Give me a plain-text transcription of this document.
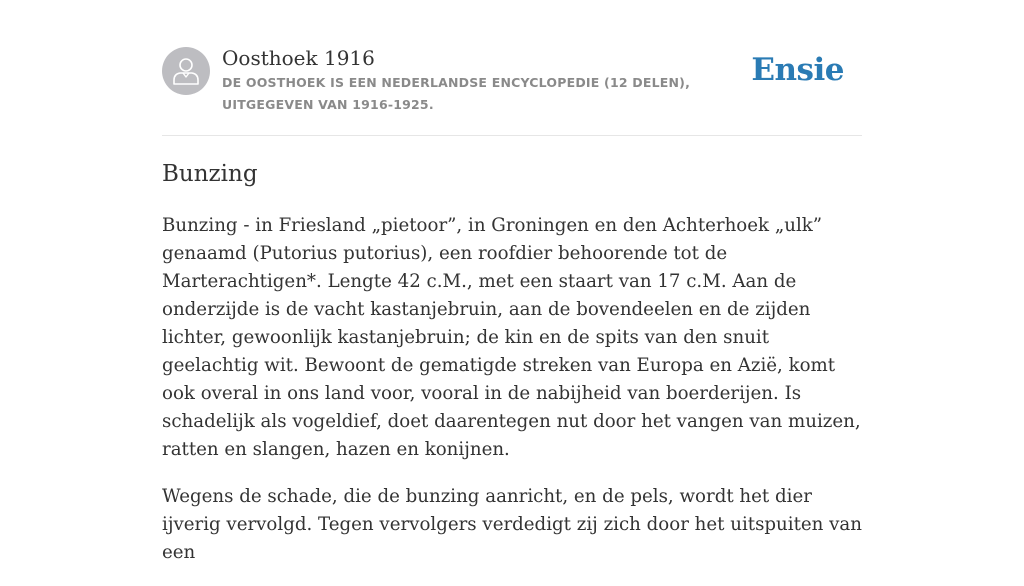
Oosthoek 1916

DE OOSTHOEK IS EEN NEDERLANDSE ENCYCLOPEDIE (12 DELEN), UITGEGEVEN VAN 1916-1925.

Ensie
Bunzing

Bunzing - in Friesland „pietoor”, in Groningen en den Achterhoek „ulk” genaamd (Putorius putorius), een roofdier behoorende tot de Marterachtigen*. Lengte 42 c.M., met een staart van 17 c.M. Aan de onderzijde is de vacht kastanjebruin, aan de bovendeelen en de zijden lichter, gewoonlijk kastanjebruin; de kin en de spits van den snuit geelachtig wit. Bewoont de gematigde streken van Europa en Azië, komt ook overal in ons land voor, vooral in de nabijheid van boerderijen. Is schadelijk als vogeldief, doet daarentegen nut door het vangen van muizen, ratten en slangen, hazen en konijnen.

Wegens de schade, die de bunzing aanricht, en de pels, wordt het dier ijverig vervolgd. Tegen vervolgers verdedigt zij zich door het uitspuiten van een
